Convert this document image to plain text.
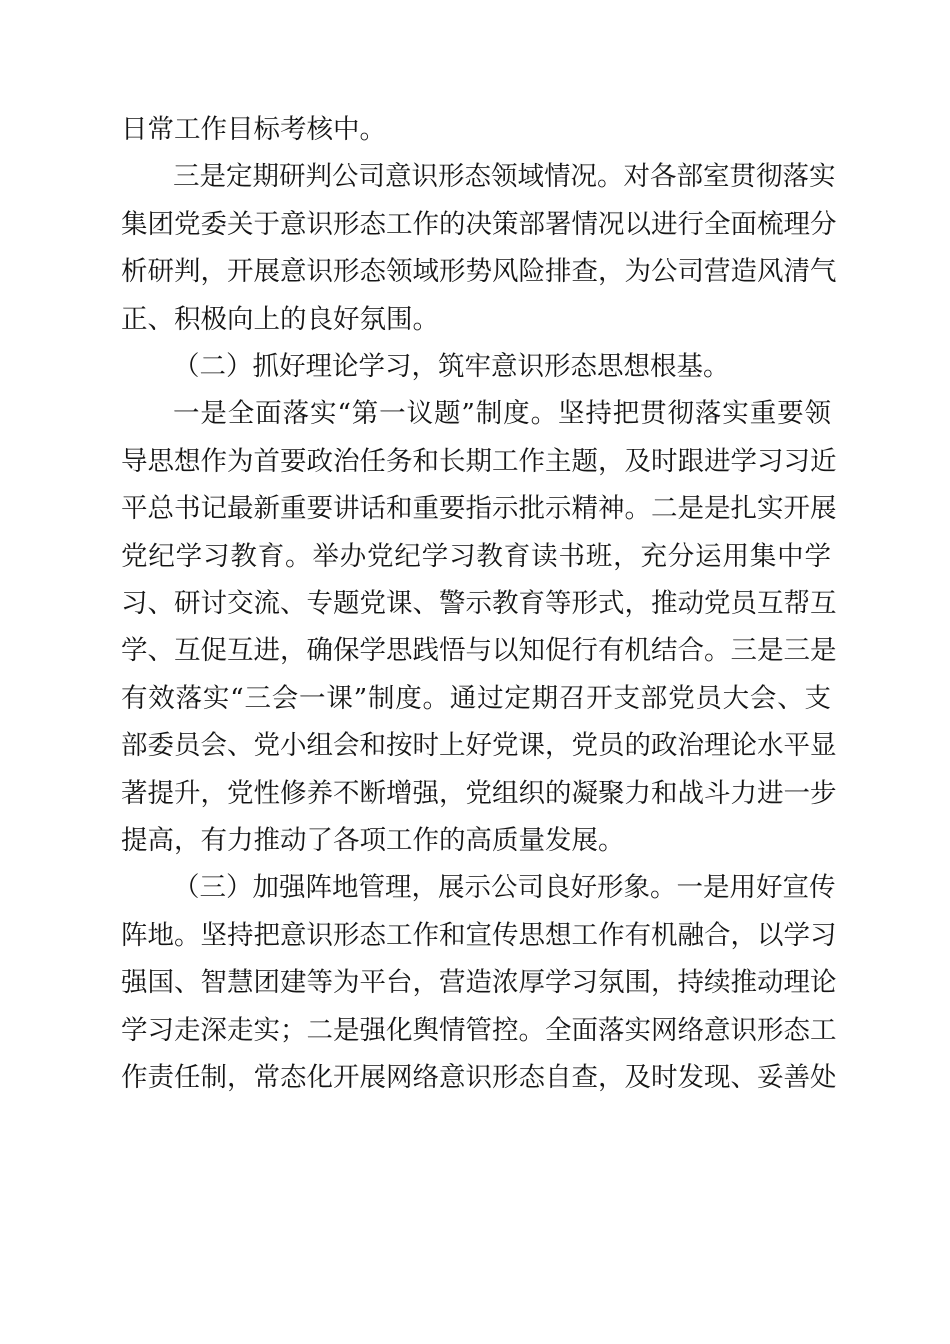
日常工作目标考核中。
三是定期研判公司意识形态领域情况。对各部室贯彻落实
集团党委关于意识形态工作的决策部署情况以进行全面梳理分
析研判，开展意识形态领域形势风险排查，为公司营造风清气
正、积极向上的良好氛围。
（二）抓好理论学习，筑牢意识形态思想根基。
一是全面落实“第一议题”制度。坚持把贯彻落实重要领
导思想作为首要政治任务和长期工作主题，及时跟进学习习近
平总书记最新重要讲话和重要指示批示精神。二是是扎实开展
党纪学习教育。举办党纪学习教育读书班，充分运用集中学
习、研讨交流、专题党课、警示教育等形式，推动党员互帮互
学、互促互进，确保学思践悟与以知促行有机结合。三是三是
有效落实“三会一课”制度。通过定期召开支部党员大会、支
部委员会、党小组会和按时上好党课，党员的政治理论水平显
著提升，党性修养不断增强，党组织的凝聚力和战斗力进一步
提高，有力推动了各项工作的高质量发展。
（三）加强阵地管理，展示公司良好形象。一是用好宣传
阵地。坚持把意识形态工作和宣传思想工作有机融合，以学习
强国、智慧团建等为平台，营造浓厚学习氛围，持续推动理论
学习走深走实；二是强化舆情管控。全面落实网络意识形态工
作责任制，常态化开展网络意识形态自查，及时发现、妥善处
